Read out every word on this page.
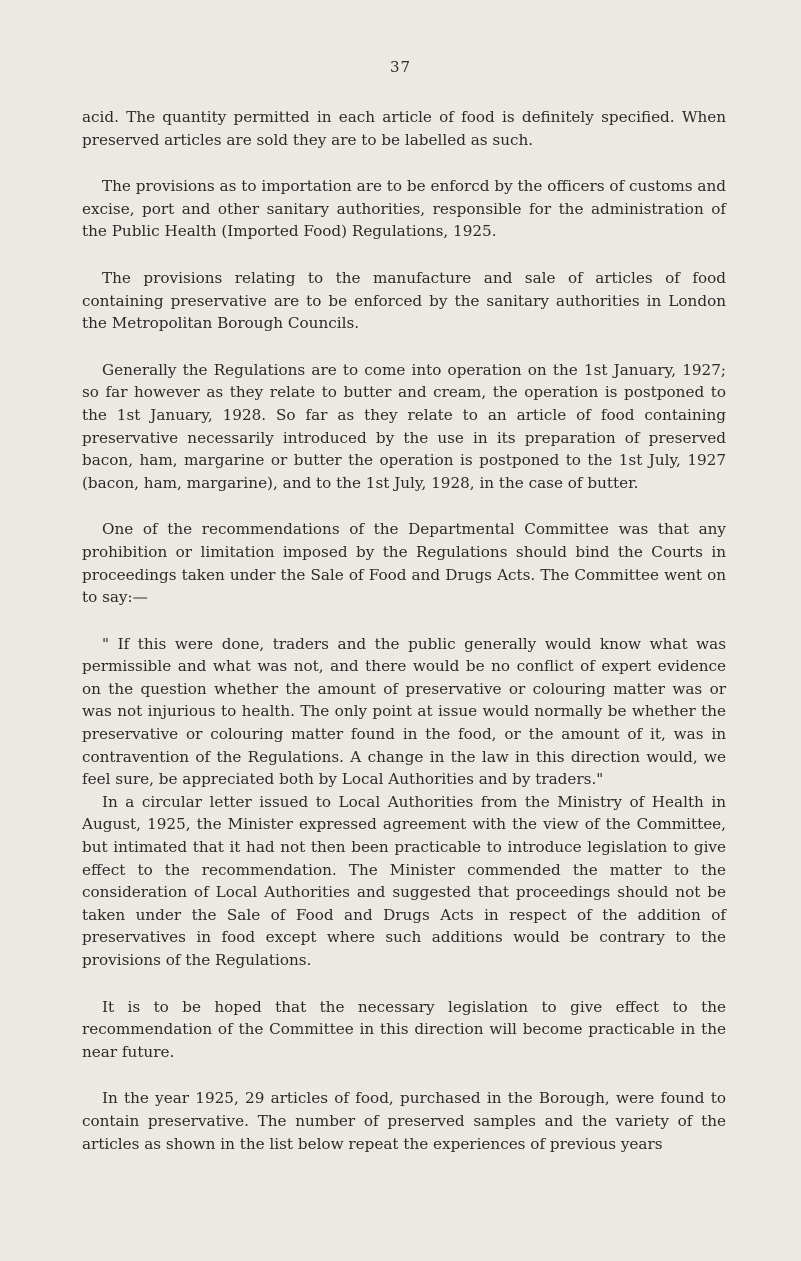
37

acid. The quantity permitted in each article of food is definitely specified. When preserved articles are sold they are to be labelled as such.

The provisions as to importation are to be enforcd by the officers of customs and excise, port and other sanitary authorities, responsible for the administration of the Public Health (Imported Food) Regulations, 1925.

The provisions relating to the manufacture and sale of articles of food containing preservative are to be enforced by the sanitary authorities in London the Metropolitan Borough Councils.

Generally the Regulations are to come into operation on the 1st January, 1927; so far however as they relate to butter and cream, the operation is postponed to the 1st January, 1928. So far as they relate to an article of food containing preservative necessarily introduced by the use in its preparation of preserved bacon, ham, margarine or butter the operation is postponed to the 1st July, 1927 (bacon, ham, margarine), and to the 1st July, 1928, in the case of butter.

One of the recommendations of the Departmental Committee was that any prohibition or limitation imposed by the Regulations should bind the Courts in proceedings taken under the Sale of Food and Drugs Acts. The Committee went on to say:—

" If this were done, traders and the public generally would know what was permissible and what was not, and there would be no conflict of expert evidence on the question whether the amount of preservative or colouring matter was or was not injurious to health. The only point at issue would normally be whether the preservative or colouring matter found in the food, or the amount of it, was in contravention of the Regulations. A change in the law in this direction would, we feel sure, be appreciated both by Local Authorities and by traders."

In a circular letter issued to Local Authorities from the Ministry of Health in August, 1925, the Minister expressed agreement with the view of the Committee, but intimated that it had not then been practicable to introduce legislation to give effect to the recommendation. The Minister commended the matter to the consideration of Local Authorities and suggested that proceedings should not be taken under the Sale of Food and Drugs Acts in respect of the addition of preservatives in food except where such additions would be contrary to the provisions of the Regulations.

It is to be hoped that the necessary legislation to give effect to the recommendation of the Committee in this direction will become practicable in the near future.

In the year 1925, 29 articles of food, purchased in the Borough, were found to contain preservative. The number of preserved samples and the variety of the articles as shown in the list below repeat the experiences of previous years
